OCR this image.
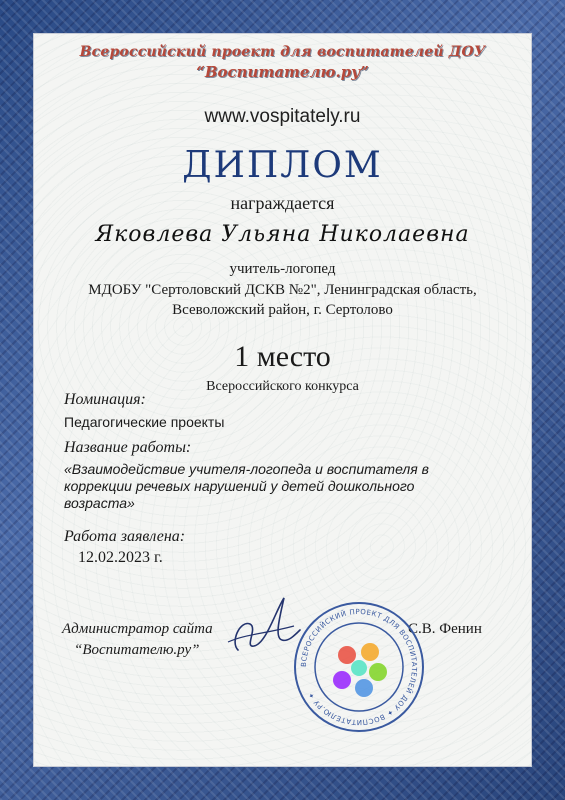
Всероссийский проект для воспитателей ДОУ
“Воспитателю.ру”
www.vospitately.ru
ДИПЛОМ
награждается
Яковлева Ульяна Николаевна
учитель-логопед
МДОБУ "Сертоловский ДСКВ №2", Ленинградская область,
Всеволожский район, г. Сертолово
1 место
Всероссийского конкурса
Номинация:
Педагогические проекты
Название работы:
«Взаимодействие учителя-логопеда и воспитателя в коррекции речевых нарушений у детей дошкольного возраста»
Работа заявлена:
12.02.2023 г.
Администратор сайта
“Воспитателю.ру”
С.В. Фенин
ВСЕРОССИЙСКИЙ ПРОЕКТ ДЛЯ ВОСПИТАТЕЛЕЙ ДОУ ✦ ВОСПИТАТЕЛЮ.РУ ✦
